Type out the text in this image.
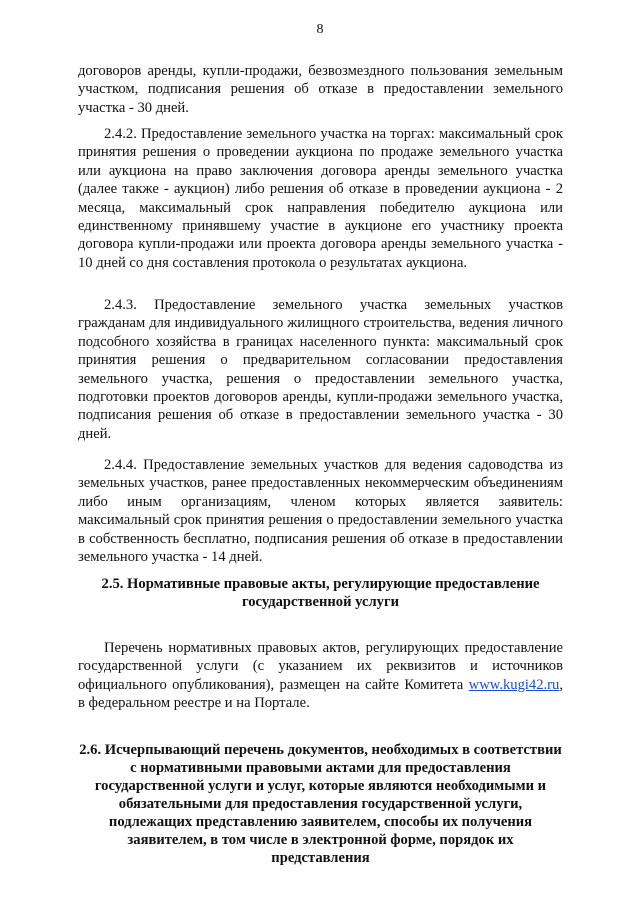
8

договоров аренды, купли-продажи, безвозмездного пользования земельным участком, подписания решения об отказе в предоставлении земельного участка - 30 дней.

2.4.2. Предоставление земельного участка на торгах: максимальный срок принятия решения о проведении аукциона по продаже земельного участка или аукциона на право заключения договора аренды земельного участка (далее также - аукцион) либо решения об отказе в проведении аукциона - 2 месяца, максимальный срок направления победителю аукциона или единственному принявшему участие в аукционе его участнику проекта договора купли-продажи или проекта договора аренды земельного участка - 10 дней со дня составления протокола о результатах аукциона.

2.4.3. Предоставление земельного участка земельных участков гражданам для индивидуального жилищного строительства, ведения личного подсобного хозяйства в границах населенного пункта: максимальный срок принятия решения о предварительном согласовании предоставления земельного участка, решения о предоставлении земельного участка, подготовки проектов договоров аренды, купли-продажи земельного участка, подписания решения об отказе в предоставлении земельного участка - 30 дней.

2.4.4. Предоставление земельных участков для ведения садоводства из земельных участков, ранее предоставленных некоммерческим объединениям либо иным организациям, членом которых является заявитель: максимальный срок принятия решения о предоставлении земельного участка в собственность бесплатно, подписания решения об отказе в предоставлении земельного участка - 14 дней.

2.5. Нормативные правовые акты, регулирующие предоставление государственной услуги

Перечень нормативных правовых актов, регулирующих предоставление государственной услуги (с указанием их реквизитов и источников официального опубликования), размещен на сайте Комитета www.kugi42.ru, в федеральном реестре и на Портале.

2.6. Исчерпывающий перечень документов, необходимых в соответствии с нормативными правовыми актами для предоставления государственной услуги и услуг, которые являются необходимыми и обязательными для предоставления государственной услуги, подлежащих представлению заявителем, способы их получения заявителем, в том числе в электронной форме, порядок их представления
